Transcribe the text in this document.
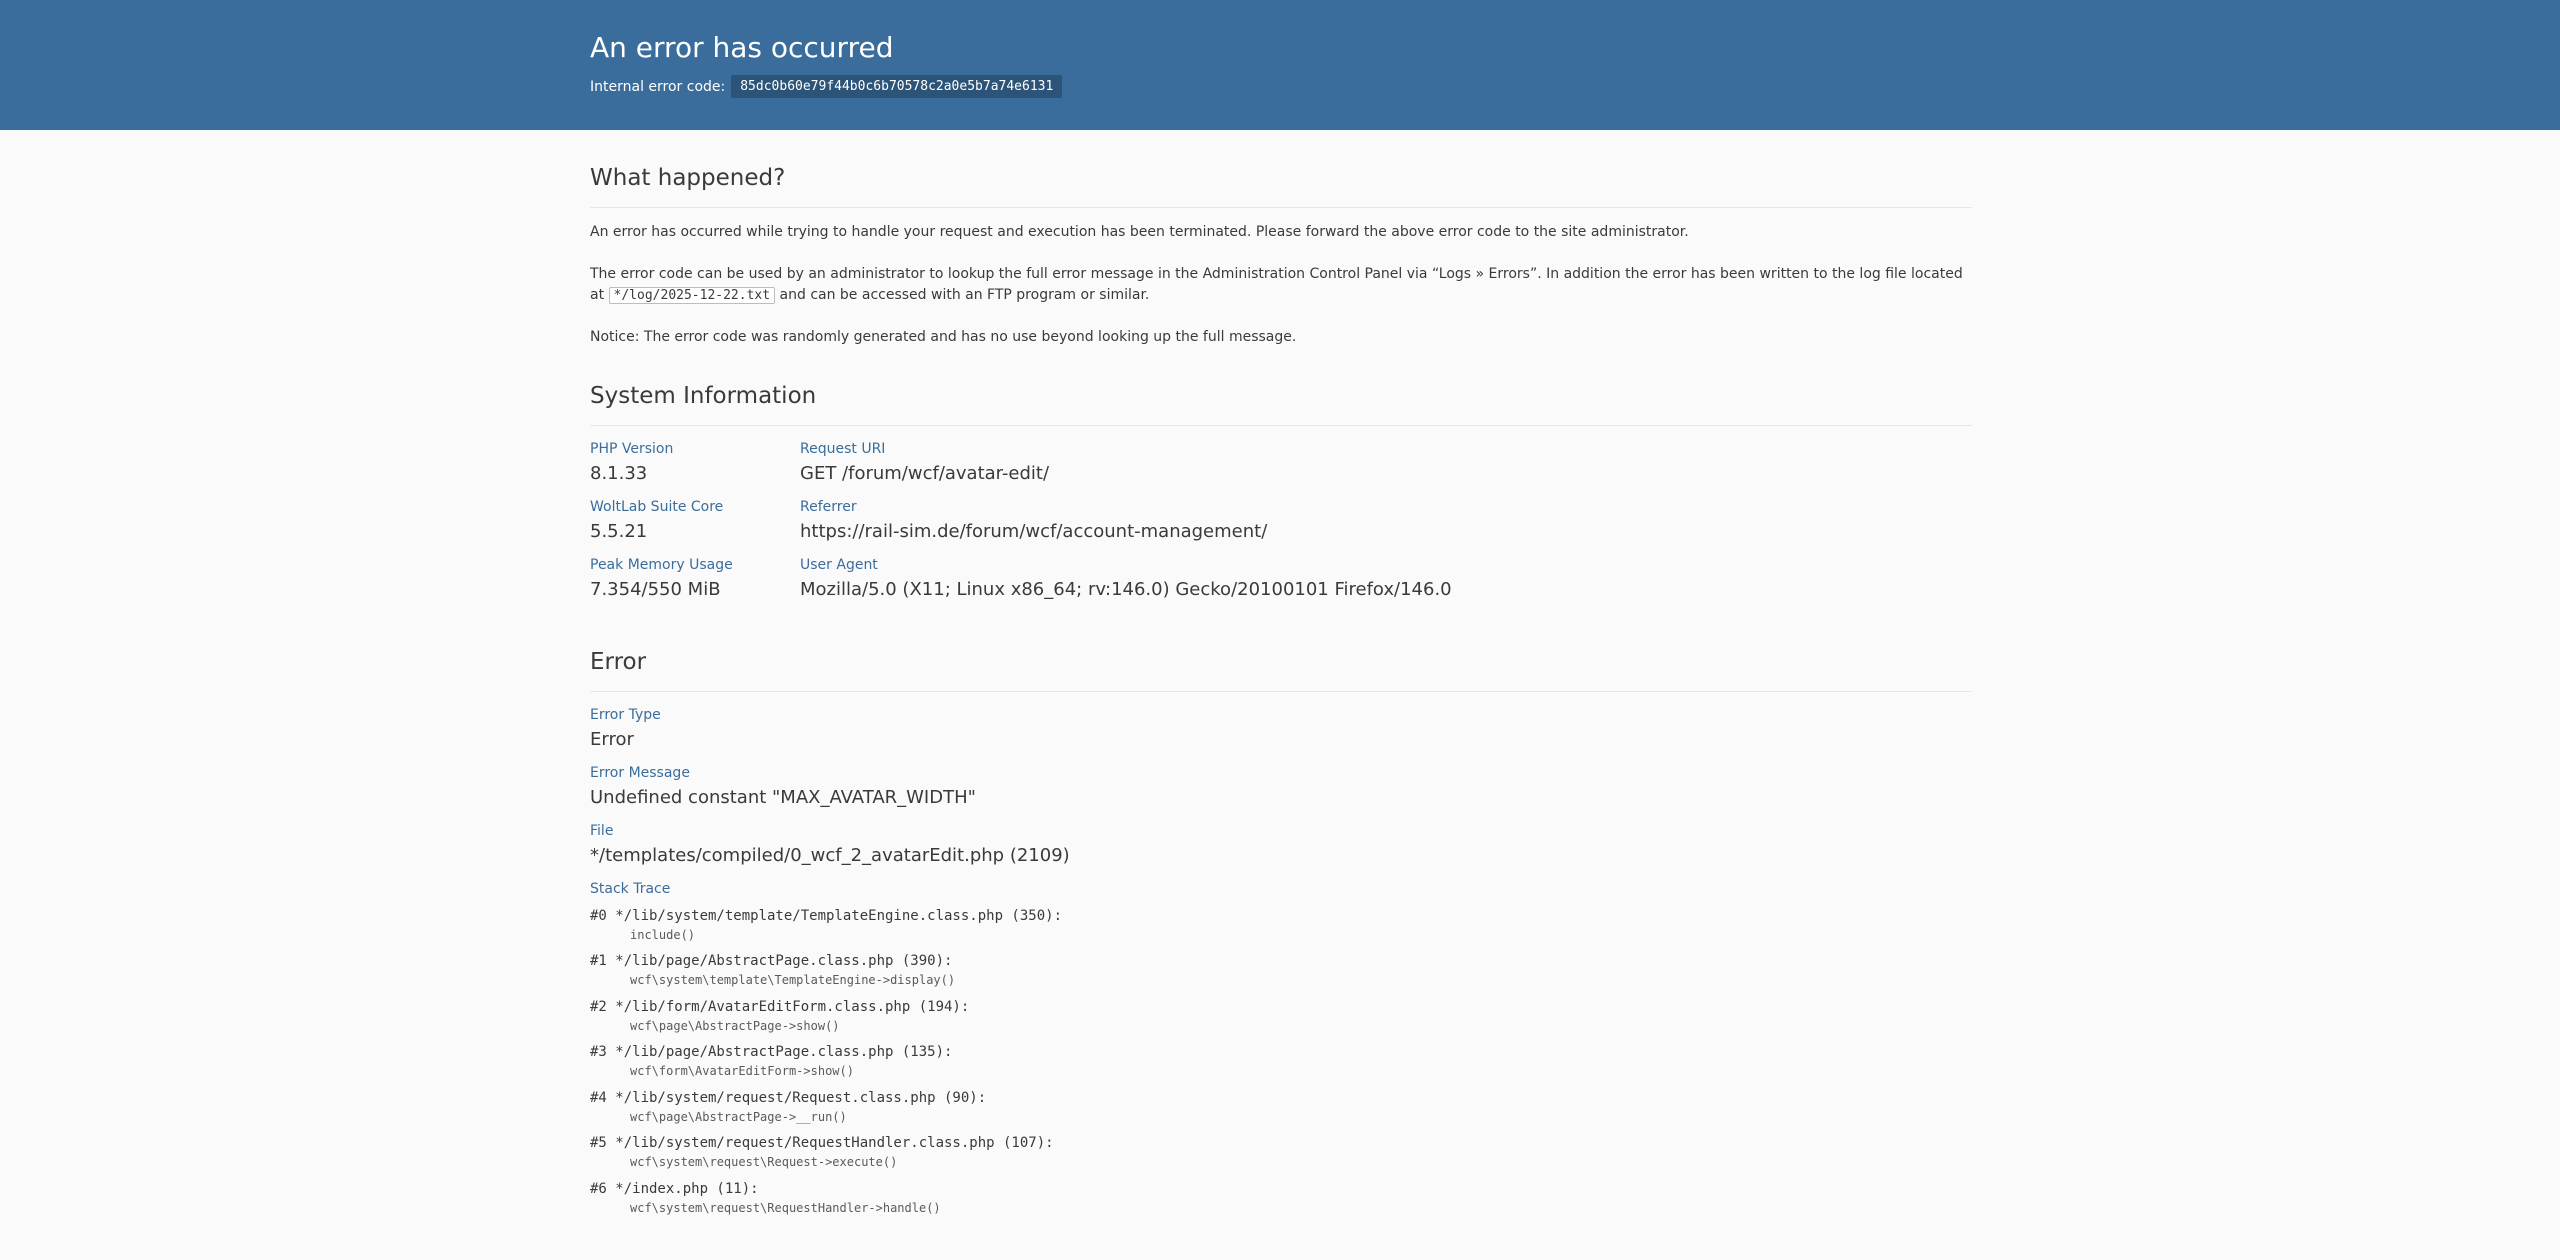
An error has occurred
Internal error code:	85dc0b60e79f44b0c6b70578c2a0e5b7a74e6131
What happened?

An error has occurred while trying to handle your request and execution has been terminated. Please forward the above error code to the site administrator.

The error code can be used by an administrator to lookup the full error message in the Administration Control Panel via “Logs » Errors”. In addition the error has been written to the log file located at */log/2025-12-22.txt and can be accessed with an FTP program or similar.

Notice: The error code was randomly generated and has no use beyond looking up the full message.

System Information
PHP Version
8.1.33
WoltLab Suite Core
5.5.21
Peak Memory Usage
7.354/550 MiB
Request URI
GET /forum/wcf/avatar-edit/
Referrer
https://rail-sim.de/forum/wcf/account-management/
User Agent
Mozilla/5.0 (X11; Linux x86_64; rv:146.0) Gecko/20100101 Firefox/146.0
Error
Error Type
Error
Error Message
Undefined constant "MAX_AVATAR_WIDTH"
File
*/templates/compiled/0_wcf_2_avatarEdit.php (2109)
Stack Trace
#0 */lib/system/template/TemplateEngine.class.php (350):
include()
#1 */lib/page/AbstractPage.class.php (390):
wcf\system\template\TemplateEngine->display()
#2 */lib/form/AvatarEditForm.class.php (194):
wcf\page\AbstractPage->show()
#3 */lib/page/AbstractPage.class.php (135):
wcf\form\AvatarEditForm->show()
#4 */lib/system/request/Request.class.php (90):
wcf\page\AbstractPage->__run()
#5 */lib/system/request/RequestHandler.class.php (107):
wcf\system\request\Request->execute()
#6 */index.php (11):
wcf\system\request\RequestHandler->handle()
